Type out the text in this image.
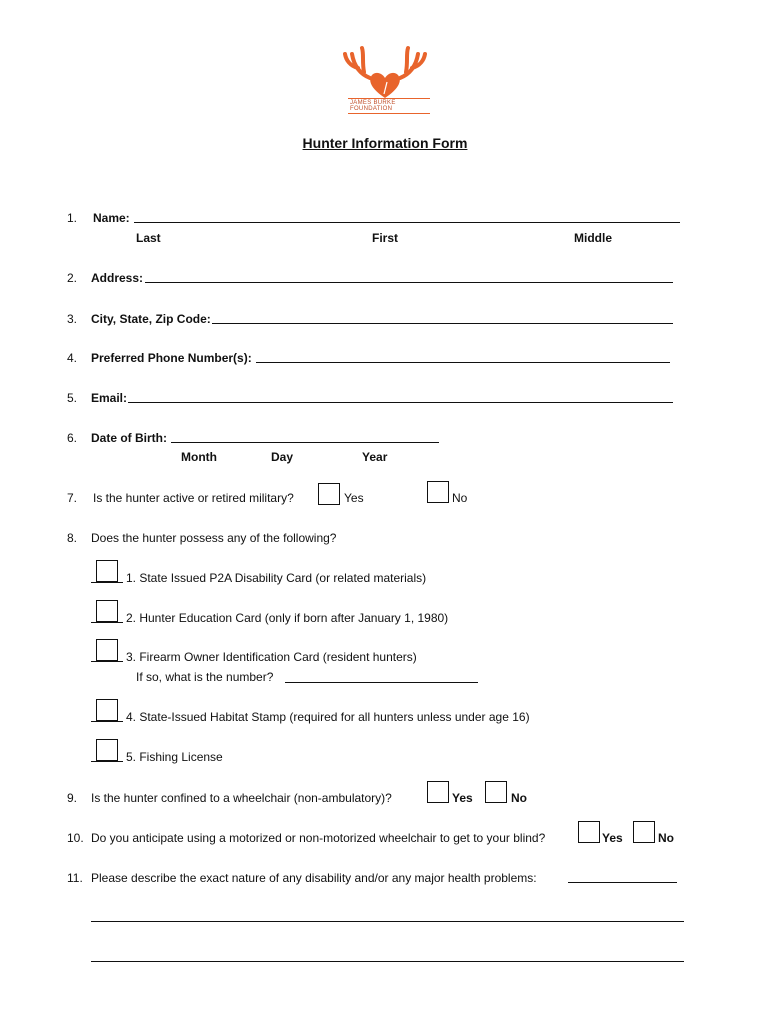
JAMES BURKE FOUNDATION
Hunter Information Form
1. Name:
Last	First	Middle
2. Address:
3. City, State, Zip Code:
4. Preferred Phone Number(s):
5. Email:
6. Date of Birth:
Month	Day	Year
7. Is the hunter active or retired military?	Yes	No
8. Does the hunter possess any of the following?
1. State Issued P2A Disability Card (or related materials)
2. Hunter Education Card (only if born after January 1, 1980)
3. Firearm Owner Identification Card (resident hunters)
If so, what is the number?
4. State-Issued Habitat Stamp (required for all hunters unless under age 16)
5. Fishing License
9. Is the hunter confined to a wheelchair (non-ambulatory)?	Yes	No
10. Do you anticipate using a motorized or non-motorized wheelchair to get to your blind?	Yes	No
11. Please describe the exact nature of any disability and/or any major health problems:
